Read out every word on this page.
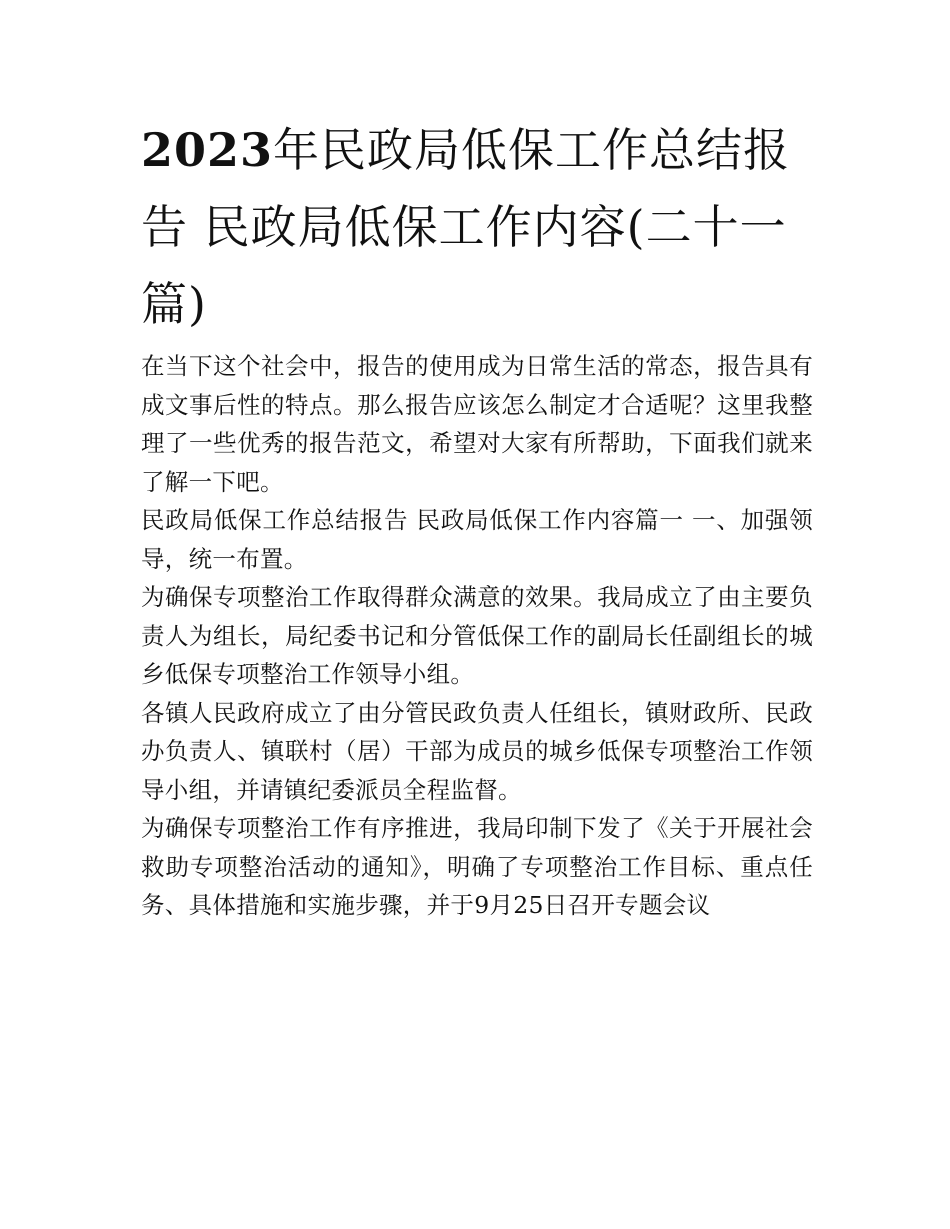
2023年民政局低保工作总结报告 民政局低保工作内容(二十一篇)

在当下这个社会中，报告的使用成为日常生活的常态，报告具有成文事后性的特点。那么报告应该怎么制定才合适呢？这里我整理了一些优秀的报告范文，希望对大家有所帮助，下面我们就来了解一下吧。

民政局低保工作总结报告 民政局低保工作内容篇一 一、加强领导，统一布置。

为确保专项整治工作取得群众满意的效果。我局成立了由主要负责人为组长，局纪委书记和分管低保工作的副局长任副组长的城乡低保专项整治工作领导小组。

各镇人民政府成立了由分管民政负责人任组长，镇财政所、民政办负责人、镇联村（居）干部为成员的城乡低保专项整治工作领导小组，并请镇纪委派员全程监督。

为确保专项整治工作有序推进，我局印制下发了《关于开展社会救助专项整治活动的通知》，明确了专项整治工作目标、重点任务、具体措施和实施步骤，并于9月25日召开专题会议
